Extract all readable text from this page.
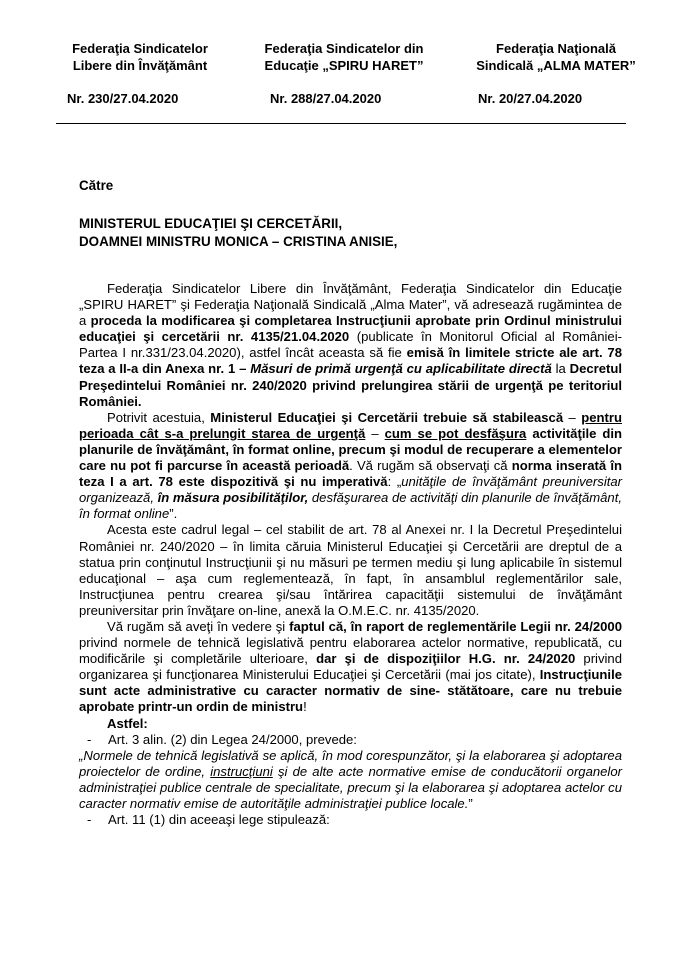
Federaţia Sindicatelor
Libere din Învăţământ
Federaţia Sindicatelor din
Educaţie „SPIRU HARET”
Federaţia Naţională
Sindicală „ALMA MATER”
Nr. 230/27.04.2020	Nr. 288/27.04.2020	Nr. 20/27.04.2020
Către
MINISTERUL EDUCAŢIEI ŞI CERCETĂRII,
DOAMNEI MINISTRU MONICA – CRISTINA ANISIE,

Federaţia Sindicatelor Libere din Învăţământ, Federaţia Sindicatelor din Educaţie „SPIRU HARET” şi Federaţia Naţională Sindicală „Alma Mater”, vă adresează rugămintea de a proceda la modificarea şi completarea Instrucţiunii aprobate prin Ordinul ministrului educaţiei şi cercetării nr. 4135/21.04.2020 (publicate în Monitorul Oficial al României- Partea I nr.331/23.04.2020), astfel încât aceasta să fie emisă în limitele stricte ale art. 78 teza a II-a din Anexa nr. 1 – Măsuri de primă urgenţă cu aplicabilitate directă la Decretul Preşedintelui României nr. 240/2020 privind prelungirea stării de urgenţă pe teritoriul României.

Potrivit acestuia, Ministerul Educaţiei şi Cercetării trebuie să stabilească – pentru perioada cât s-a prelungit starea de urgenţă – cum se pot desfăşura activităţile din planurile de învăţământ, în format online, precum şi modul de recuperare a elementelor care nu pot fi parcurse în această perioadă. Vă rugăm să observaţi că norma inserată în teza I a art. 78 este dispozitivă şi nu imperativă: „unităţile de învăţământ preuniversitar organizează, în măsura posibilităţilor, desfăşurarea de activităţi din planurile de învăţământ, în format online”.

Acesta este cadrul legal – cel stabilit de art. 78 al Anexei nr. I la Decretul Preşedintelui României nr. 240/2020 – în limita căruia Ministerul Educaţiei şi Cercetării are dreptul de a statua prin conţinutul Instrucţiunii şi nu măsuri pe termen mediu şi lung aplicabile în sistemul educaţional – aşa cum reglementează, în fapt, în ansamblul reglementărilor sale, Instrucţiunea pentru crearea şi/sau întărirea capacităţii sistemului de învăţământ preuniversitar prin învăţare on-line, anexă la O.M.E.C. nr. 4135/2020.

Vă rugăm să aveţi în vedere şi faptul că, în raport de reglementările Legii nr. 24/2000 privind normele de tehnică legislativă pentru elaborarea actelor normative, republicată, cu modificările şi completările ulterioare, dar şi de dispoziţiilor H.G. nr. 24/2020 privind organizarea şi funcţionarea Ministerului Educaţiei şi Cercetării (mai jos citate), Instrucţiunile sunt acte administrative cu caracter normativ de sine- stătătoare, care nu trebuie aprobate printr-un ordin de ministru!

Astfel:

- Art. 3 alin. (2) din Legea 24/2000, prevede:

„Normele de tehnică legislativă se aplică, în mod corespunzător, şi la elaborarea şi adoptarea proiectelor de ordine, instrucţiuni şi de alte acte normative emise de conducătorii organelor administraţiei publice centrale de specialitate, precum şi la elaborarea şi adoptarea actelor cu caracter normativ emise de autorităţile administraţiei publice locale.”

- Art. 11 (1) din aceeaşi lege stipulează:
